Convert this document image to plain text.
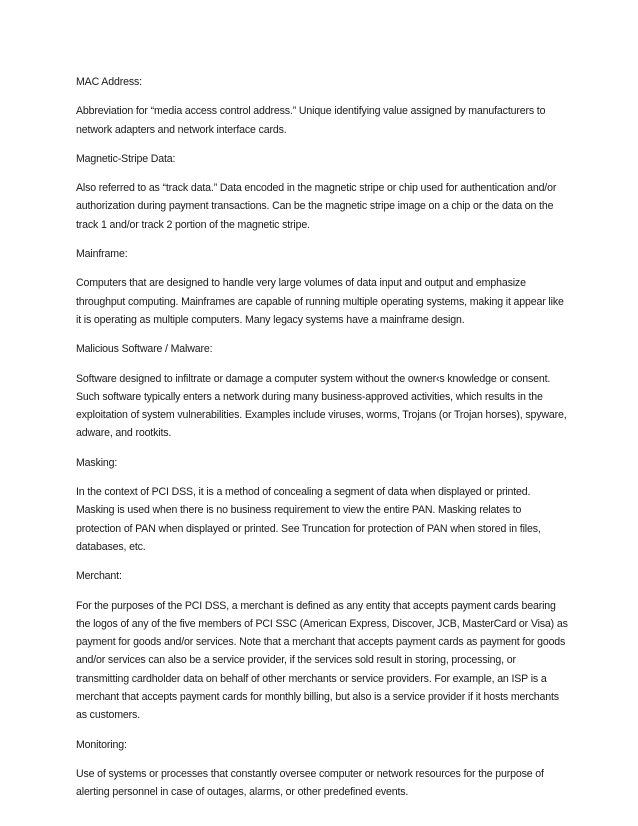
MAC Address:

Abbreviation for “media access control address.” Unique identifying value assigned by manufacturers to network adapters and network interface cards.

Magnetic-Stripe Data:

Also referred to as “track data.” Data encoded in the magnetic stripe or chip used for authentication and/or authorization during payment transactions. Can be the magnetic stripe image on a chip or the data on the track 1 and/or track 2 portion of the magnetic stripe.

Mainframe:

Computers that are designed to handle very large volumes of data input and output and emphasize throughput computing. Mainframes are capable of running multiple operating systems, making it appear like it is operating as multiple computers. Many legacy systems have a mainframe design.

Malicious Software / Malware:

Software designed to infiltrate or damage a computer system without the owner‹s knowledge or consent. Such software typically enters a network during many business-approved activities, which results in the exploitation of system vulnerabilities. Examples include viruses, worms, Trojans (or Trojan horses), spyware, adware, and rootkits.

Masking:

In the context of PCI DSS, it is a method of concealing a segment of data when displayed or printed. Masking is used when there is no business requirement to view the entire PAN. Masking relates to protection of PAN when displayed or printed. See Truncation for protection of PAN when stored in files, databases, etc.

Merchant:

For the purposes of the PCI DSS, a merchant is defined as any entity that accepts payment cards bearing the logos of any of the five members of PCI SSC (American Express, Discover, JCB, MasterCard or Visa) as payment for goods and/or services. Note that a merchant that accepts payment cards as payment for goods and/or services can also be a service provider, if the services sold result in storing, processing, or transmitting cardholder data on behalf of other merchants or service providers. For example, an ISP is a merchant that accepts payment cards for monthly billing, but also is a service provider if it hosts merchants as customers.

Monitoring:

Use of systems or processes that constantly oversee computer or network resources for the purpose of alerting personnel in case of outages, alarms, or other predefined events.
